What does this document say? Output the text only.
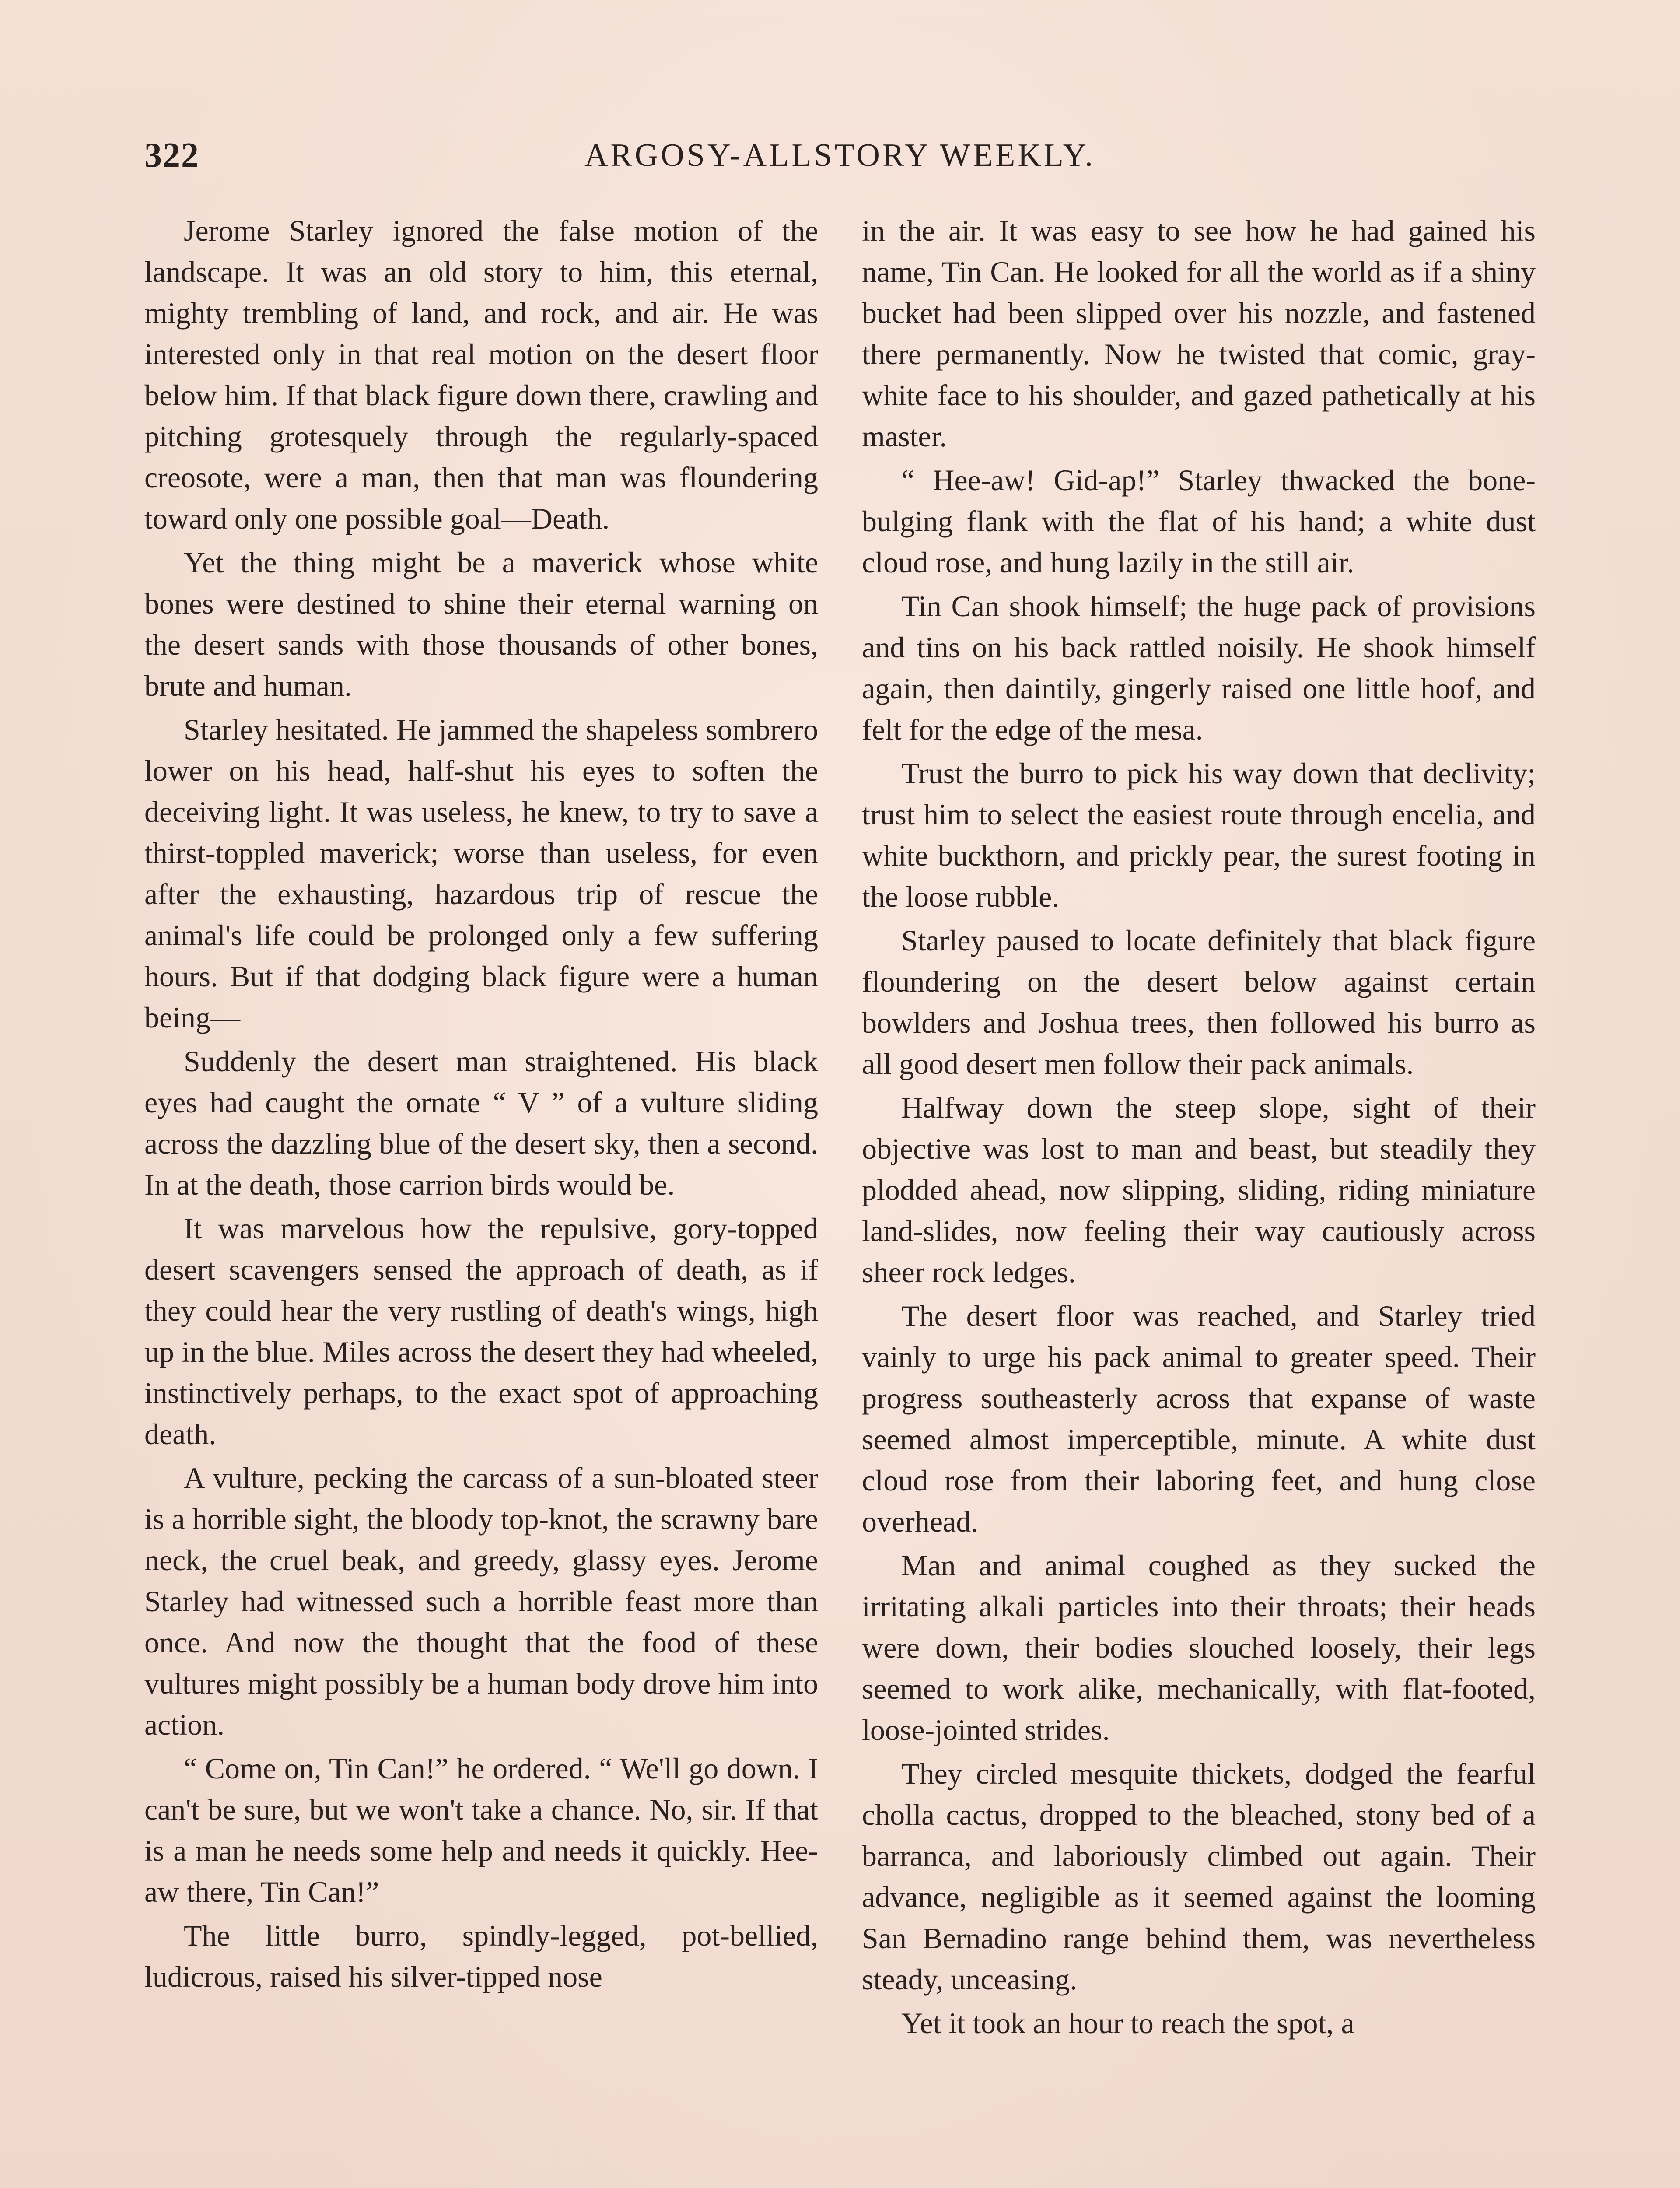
322	ARGOSY-ALLSTORY WEEKLY.

Jerome Starley ignored the false motion of the landscape. It was an old story to him, this eternal, mighty trembling of land, and rock, and air. He was interested only in that real motion on the desert floor below him. If that black figure down there, crawling and pitching grotesquely through the regularly-spaced creosote, were a man, then that man was floundering toward only one possible goal—Death.

Yet the thing might be a maverick whose white bones were destined to shine their eternal warning on the desert sands with those thousands of other bones, brute and human.

Starley hesitated. He jammed the shapeless sombrero lower on his head, half-shut his eyes to soften the deceiving light. It was useless, he knew, to try to save a thirst-toppled maverick; worse than useless, for even after the exhausting, hazardous trip of rescue the animal's life could be prolonged only a few suffering hours. But if that dodging black figure were a human being—

Suddenly the desert man straightened. His black eyes had caught the ornate “ V ” of a vulture sliding across the dazzling blue of the desert sky, then a second. In at the death, those carrion birds would be.

It was marvelous how the repulsive, gory-topped desert scavengers sensed the approach of death, as if they could hear the very rustling of death's wings, high up in the blue. Miles across the desert they had wheeled, instinctively perhaps, to the exact spot of approaching death.

A vulture, pecking the carcass of a sun-bloated steer is a horrible sight, the bloody top-knot, the scrawny bare neck, the cruel beak, and greedy, glassy eyes. Jerome Starley had witnessed such a horrible feast more than once. And now the thought that the food of these vultures might possibly be a human body drove him into action.

“ Come on, Tin Can!” he ordered. “ We'll go down. I can't be sure, but we won't take a chance. No, sir. If that is a man he needs some help and needs it quickly. Hee-aw there, Tin Can!”

The little burro, spindly-legged, pot-bellied, ludicrous, raised his silver-tipped nose

in the air. It was easy to see how he had gained his name, Tin Can. He looked for all the world as if a shiny bucket had been slipped over his nozzle, and fastened there permanently. Now he twisted that comic, gray-white face to his shoulder, and gazed pathetically at his master.

“ Hee-aw! Gid-ap!” Starley thwacked the bone-bulging flank with the flat of his hand; a white dust cloud rose, and hung lazily in the still air.

Tin Can shook himself; the huge pack of provisions and tins on his back rattled noisily. He shook himself again, then daintily, gingerly raised one little hoof, and felt for the edge of the mesa.

Trust the burro to pick his way down that declivity; trust him to select the easiest route through encelia, and white buckthorn, and prickly pear, the surest footing in the loose rubble.

Starley paused to locate definitely that black figure floundering on the desert below against certain bowlders and Joshua trees, then followed his burro as all good desert men follow their pack animals.

Halfway down the steep slope, sight of their objective was lost to man and beast, but steadily they plodded ahead, now slipping, sliding, riding miniature land-slides, now feeling their way cautiously across sheer rock ledges.

The desert floor was reached, and Starley tried vainly to urge his pack animal to greater speed. Their progress southeasterly across that expanse of waste seemed almost imperceptible, minute. A white dust cloud rose from their laboring feet, and hung close overhead.

Man and animal coughed as they sucked the irritating alkali particles into their throats; their heads were down, their bodies slouched loosely, their legs seemed to work alike, mechanically, with flat-footed, loose-jointed strides.

They circled mesquite thickets, dodged the fearful cholla cactus, dropped to the bleached, stony bed of a barranca, and laboriously climbed out again. Their advance, negligible as it seemed against the looming San Bernadino range behind them, was nevertheless steady, unceasing.

Yet it took an hour to reach the spot, a
